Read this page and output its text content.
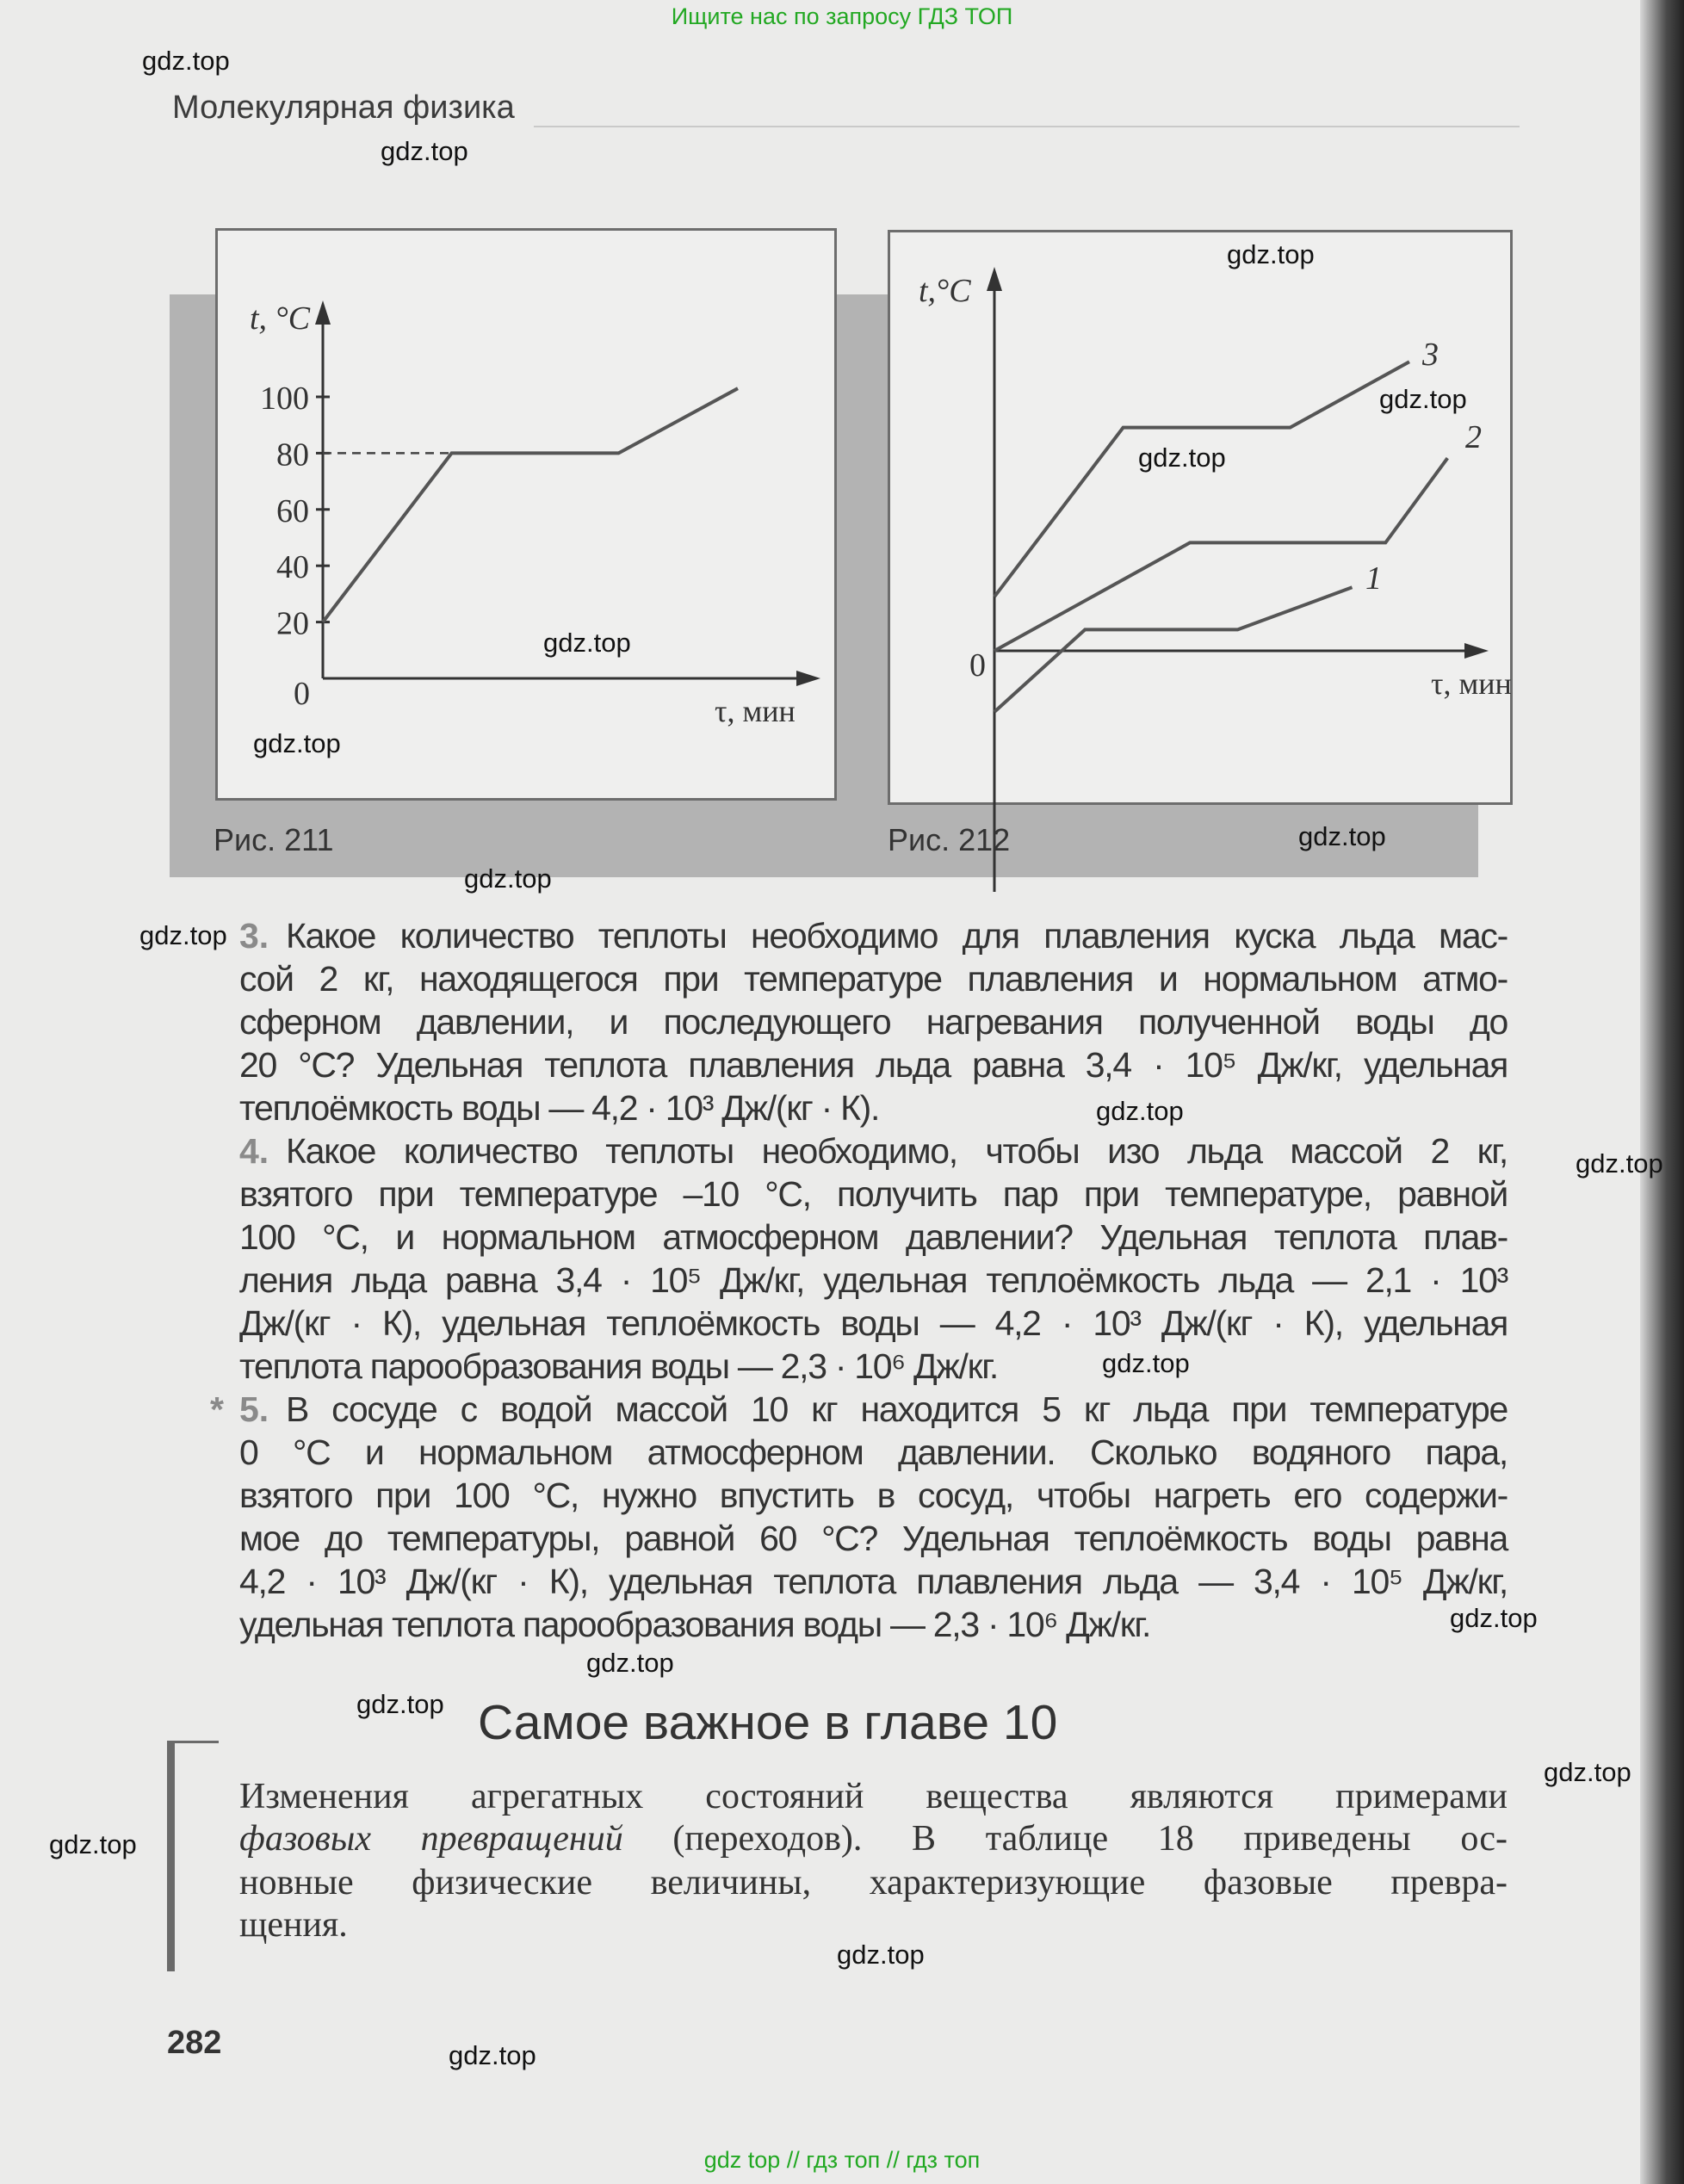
Ищите нас по запросу ГДЗ ТОП
Молекулярная физика
20
40
60
80
100
0
t, °C
τ, мин
t,°C
0	τ, мин
1
2
3
Рис. 211	Рис. 212
3. Какое количество теплоты необходимо для плавления куска льда мас-
сой 2 кг, находящегося при температуре плавления и нормальном атмо-
сферном давлении, и последующего нагревания полученной воды до
20 °С? Удельная теплота плавления льда равна 3,4 · 10⁵ Дж/кг, удельная
теплоёмкость воды — 4,2 · 10³ Дж/(кг · К).
4. Какое количество теплоты необходимо, чтобы изо льда массой 2 кг,
взятого при температуре –10 °С, получить пар при температуре, равной
100 °С, и нормальном атмосферном давлении? Удельная теплота плав-
ления льда равна 3,4 · 10⁵ Дж/кг, удельная теплоёмкость льда — 2,1 · 10³
Дж/(кг · К), удельная теплоёмкость воды — 4,2 · 10³ Дж/(кг · К), удельная
теплота парообразования воды — 2,3 · 10⁶ Дж/кг.
* 5. В сосуде с водой массой 10 кг находится 5 кг льда при температуре
0 °С и нормальном атмосферном давлении. Сколько водяного пара,
взятого при 100 °С, нужно впустить в сосуд, чтобы нагреть его содержи-
мое до температуры, равной 60 °С? Удельная теплоёмкость воды равна
4,2 · 10³ Дж/(кг · К), удельная теплота плавления льда — 3,4 · 10⁵ Дж/кг,
удельная теплота парообразования воды — 2,3 · 10⁶ Дж/кг.
Самое важное в главе 10
Изменения агрегатных состояний вещества являются примерами
фазовых превращений (переходов). В таблице 18 приведены ос-
новные физические величины, характеризующие фазовые превра-
щения.
282
gdz top // гдз топ // гдз топ
gdz.top
gdz.top
gdz.top
gdz.top
gdz.top
gdz.top
gdz.top
gdz.top
gdz.top
gdz.top
gdz.top
gdz.top
gdz.top
gdz.top
gdz.top
gdz.top
gdz.top
gdz.top
gdz.top
gdz.top
